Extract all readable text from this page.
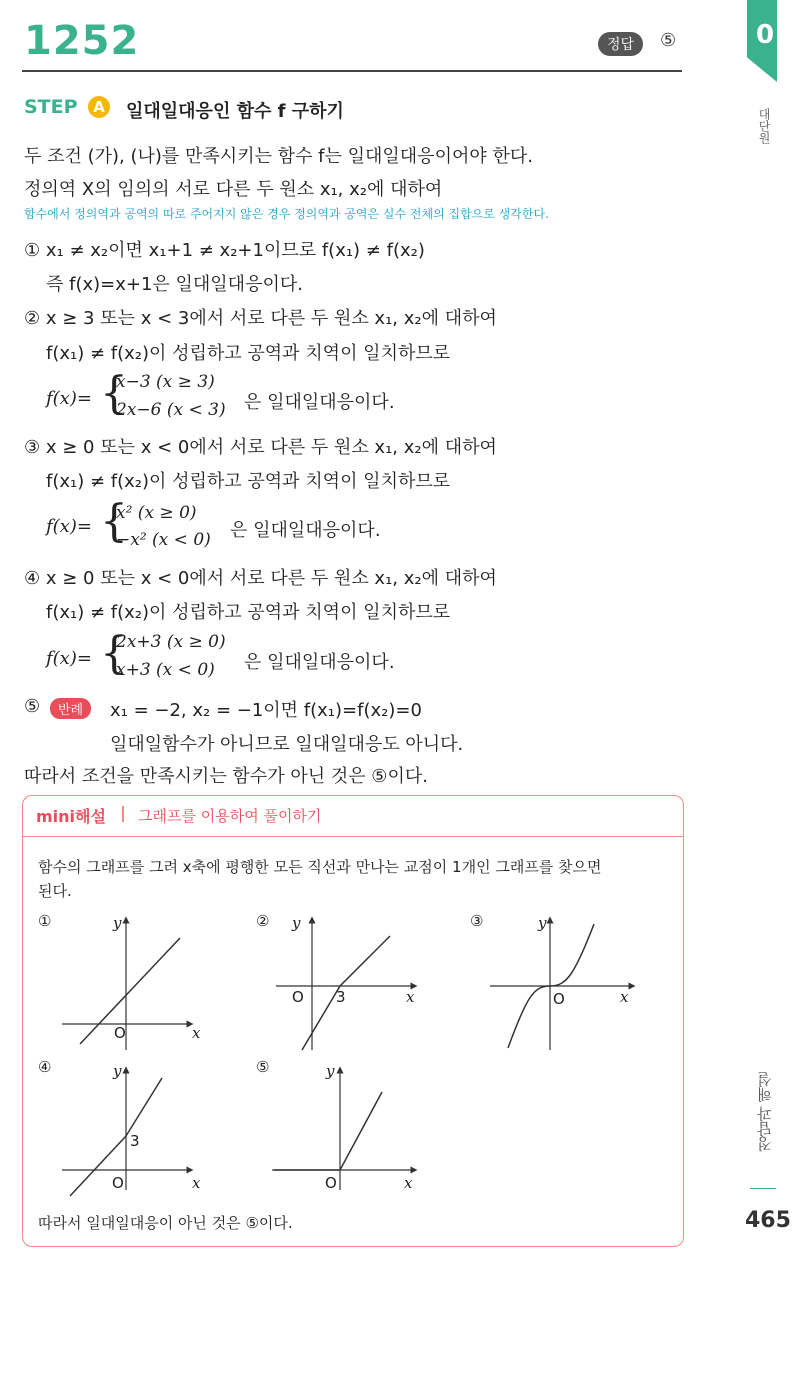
1252	정답	⑤	0
대단원
정답과 해설
465
STEP	A 일대일대응인 함수 f 구하기
두 조건 (가), (나)를 만족시키는 함수 f는 일대일대응이어야 한다.
정의역 X의 임의의 서로 다른 두 원소 x₁, x₂에 대하여
함수에서 정의역과 공역의 따로 주어지지 않은 경우 정의역과 공역은 실수 전체의 집합으로 생각한다.
① x₁ ≠ x₂이면 x₁+1 ≠ x₂+1이므로 f(x₁) ≠ f(x₂)
즉 f(x)=x+1은 일대일대응이다.
② x ≥ 3 또는 x < 3에서 서로 다른 두 원소 x₁, x₂에 대하여
f(x₁) ≠ f(x₂)이 성립하고 공역과 치역이 일치하므로
f(x)= {
x−3 (x ≥ 3)
2x−6 (x < 3) 은 일대일대응이다.
③ x ≥ 0 또는 x < 0에서 서로 다른 두 원소 x₁, x₂에 대하여
f(x₁) ≠ f(x₂)이 성립하고 공역과 치역이 일치하므로
f(x)= {
x² (x ≥ 0)
−x² (x < 0) 은 일대일대응이다.
④ x ≥ 0 또는 x < 0에서 서로 다른 두 원소 x₁, x₂에 대하여
f(x₁) ≠ f(x₂)이 성립하고 공역과 치역이 일치하므로
f(x)= {
2x+3 (x ≥ 0)
x+3 (x < 0) 은 일대일대응이다.
⑤	반례	x₁ = −2, x₂ = −1이면 f(x₁)=f(x₂)=0
일대일함수가 아니므로 일대일대응도 아니다.
따라서 조건을 만족시키는 함수가 아닌 것은 ⑤이다.
mini해설 그래프를 이용하여 풀이하기
함수의 그래프를 그려 x축에 평행한 모든 직선과 만나는 교점이 1개인 그래프를 찾으면
된다.
①	y
x
O
② y
O 3	x
③	y
O	x
④	y
3
O	x
⑤	y
O	x
따라서 일대일대응이 아닌 것은 ⑤이다.
